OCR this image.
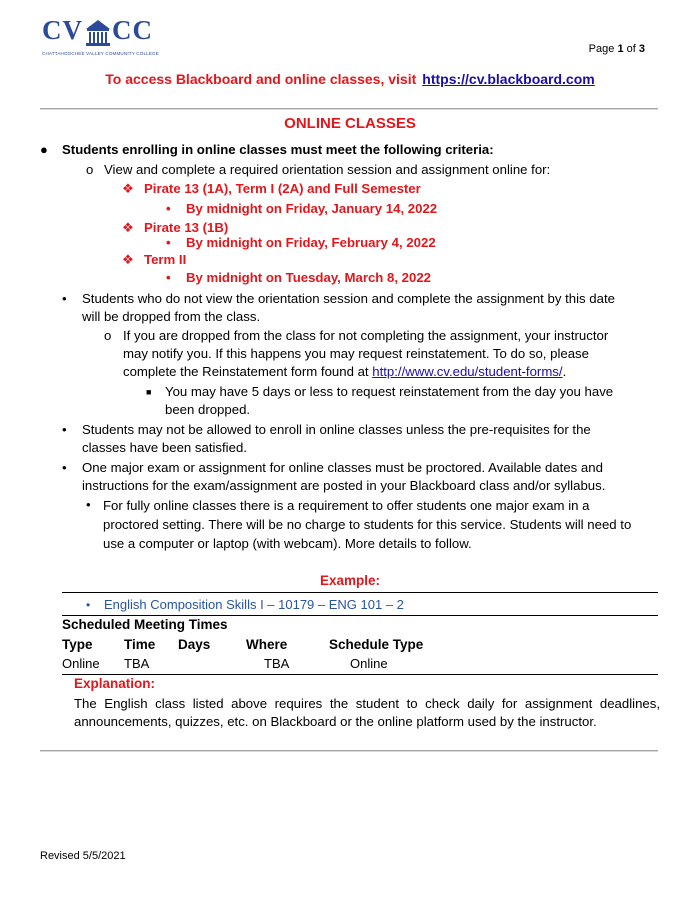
CV CC
CHATTAHOOCHEE VALLEY COMMUNITY COLLEGE	Page 1 of 3
To access Blackboard and online classes, visit https://cv.blackboard.com
ONLINE CLASSES
● Students enrolling in online classes must meet the following criteria:
o View and complete a required orientation session and assignment online for:
❖ Pirate 13 (1A), Term I (2A) and Full Semester
• By midnight on Friday, January 14, 2022
❖ Pirate 13 (1B)
• By midnight on Friday, February 4, 2022
❖ Term II
• By midnight on Tuesday, March 8, 2022
• Students who do not view the orientation session and complete the assignment by this date
will be dropped from the class.
o If you are dropped from the class for not completing the assignment, your instructor
may notify you. If this happens you may request reinstatement. To do so, please
complete the Reinstatement form found at http://www.cv.edu/student-forms/.
■ You may have 5 days or less to request reinstatement from the day you have
been dropped.
• Students may not be allowed to enroll in online classes unless the pre-requisites for the
classes have been satisfied.
• One major exam or assignment for online classes must be proctored. Available dates and
instructions for the exam/assignment are posted in your Blackboard class and/or syllabus.
• For fully online classes there is a requirement to offer students one major exam in a
proctored setting. There will be no charge to students for this service. Students will need to
use a computer or laptop (with webcam). More details to follow.
Example:
• English Composition Skills I – 10179 – ENG 101 – 2
Scheduled Meeting Times
Type Time Days	Where	Schedule Type
Online TBA	TBA	Online
Explanation:
The English class listed above requires the student to check daily for assignment deadlines, announcements, quizzes, etc. on Blackboard or the online platform used by the instructor.
Revised 5/5/2021
